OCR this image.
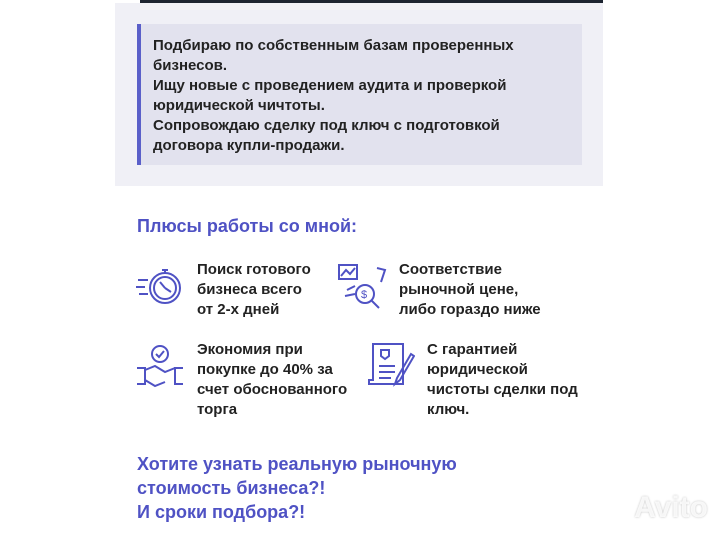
Подбираю по собственным базам проверенных бизнесов.

Ищу новые с проведением аудита и проверкой юридической чичтоты.

Сопровождаю сделку под ключ с подготовкой договора купли-продажи.

Плюсы работы со мной:
Поиск готового
бизнеса всего
от 2-х дней
$
Соответствие
рыночной цене,
либо гораздо ниже
Экономия при
покупке до 40% за
счет обоснованного
торга
С гарантией
юридической
чистоты сделки под
ключ.
Хотите узнать реальную рыночную
стоимость бизнеса?!
И сроки подбора?!	Avito
